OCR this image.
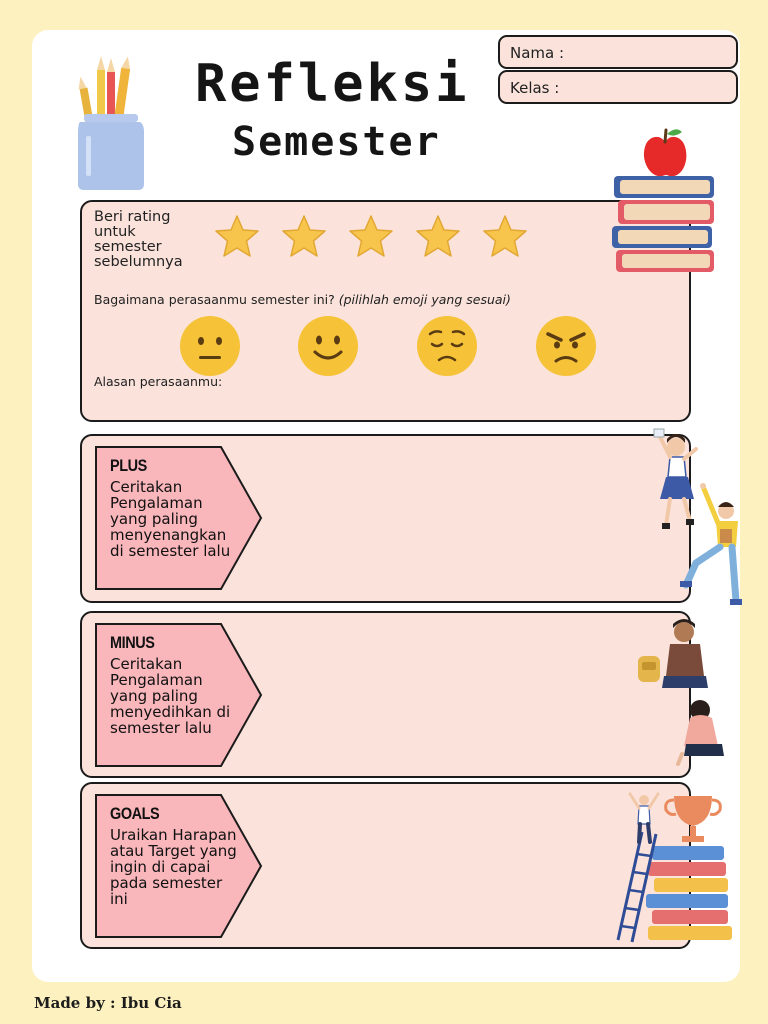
Refleksi
Semester
Nama :
Kelas :
Beri rating untuk semester sebelumnya
Bagaimana perasaanmu semester ini? (pilihlah emoji yang sesuai)
Alasan perasaanmu:
PLUS
Ceritakan Pengalaman yang paling menyenangkan di semester lalu
MINUS
Ceritakan Pengalaman yang paling menyedihkan di semester lalu
GOALS
Uraikan Harapan atau Target yang ingin di capai pada semester ini
Made by : Ibu Cia
